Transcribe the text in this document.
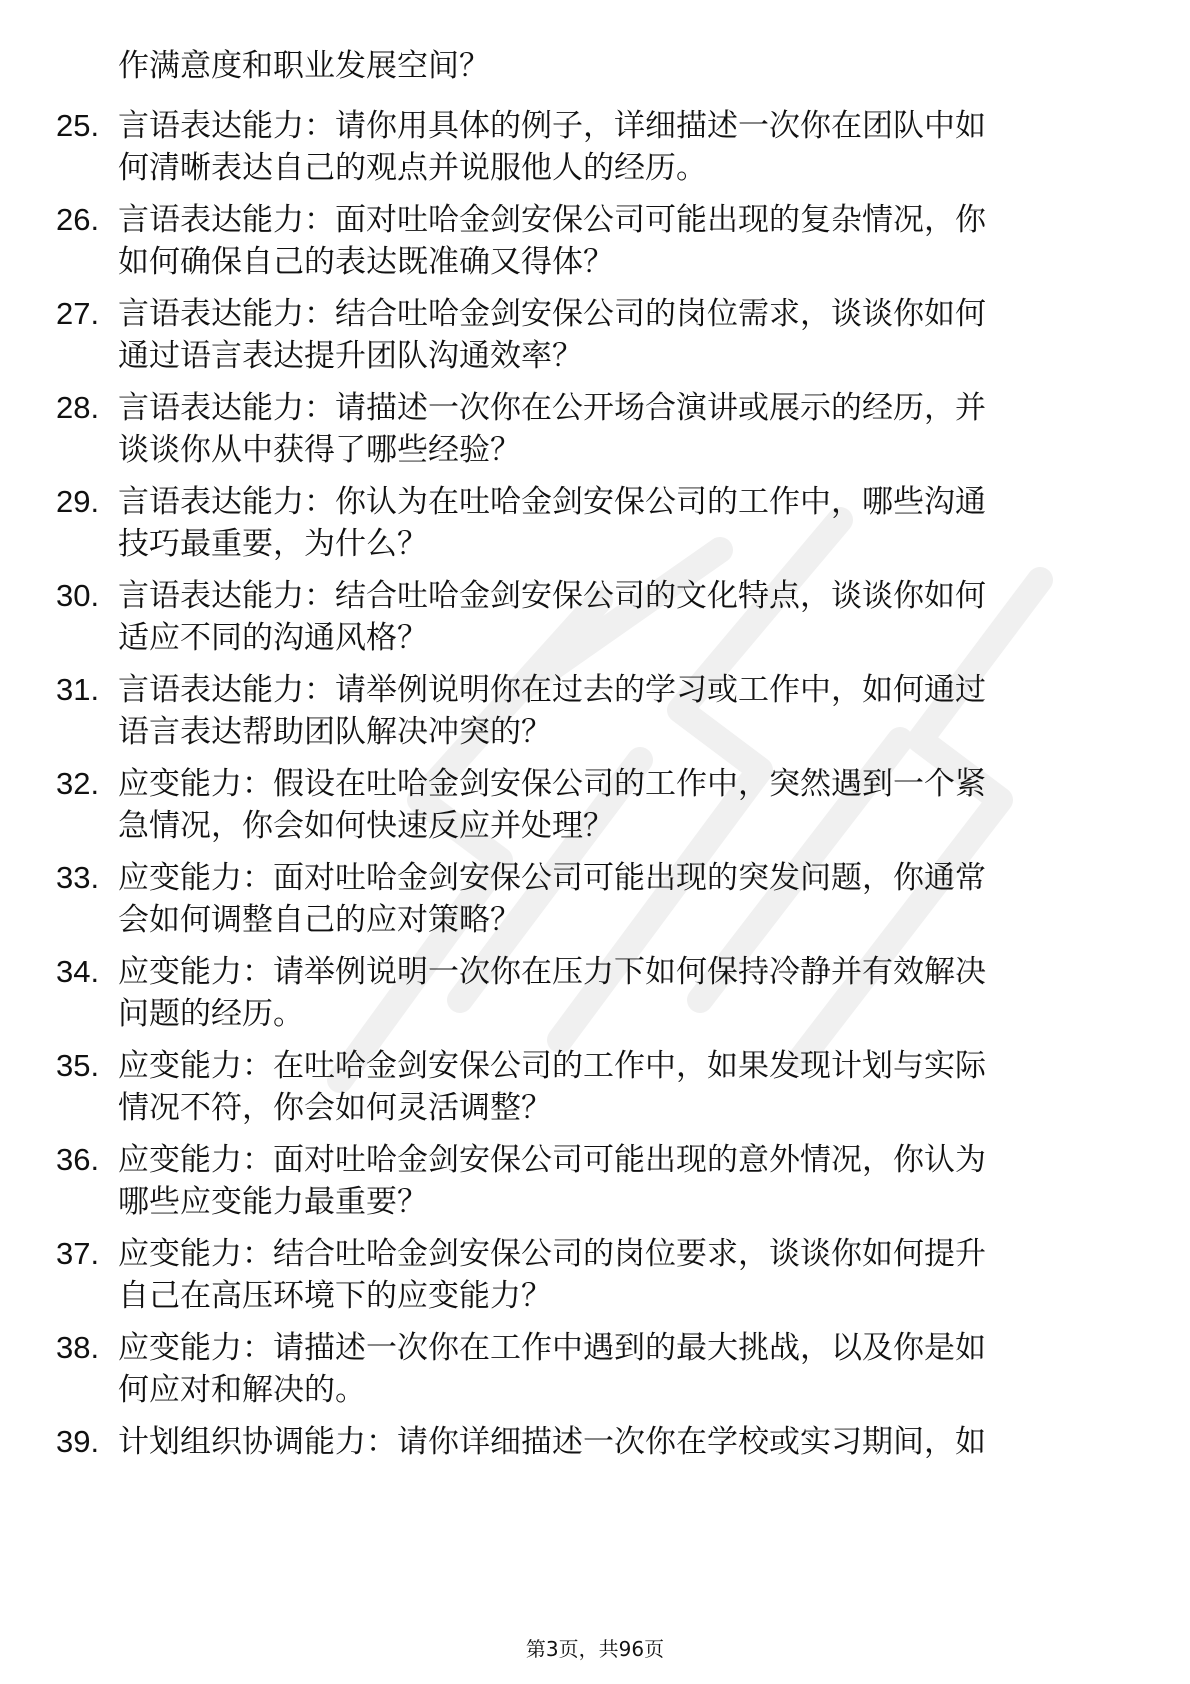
作满意度和职业发展空间？
25. 言语表达能力：请你用具体的例子，详细描述一次你在团队中如
何清晰表达自己的观点并说服他人的经历。
26. 言语表达能力：面对吐哈金剑安保公司可能出现的复杂情况，你
如何确保自己的表达既准确又得体？
27. 言语表达能力：结合吐哈金剑安保公司的岗位需求，谈谈你如何
通过语言表达提升团队沟通效率？
28. 言语表达能力：请描述一次你在公开场合演讲或展示的经历，并
谈谈你从中获得了哪些经验？
29. 言语表达能力：你认为在吐哈金剑安保公司的工作中，哪些沟通
技巧最重要，为什么？
30. 言语表达能力：结合吐哈金剑安保公司的文化特点，谈谈你如何
适应不同的沟通风格？
31. 言语表达能力：请举例说明你在过去的学习或工作中，如何通过
语言表达帮助团队解决冲突的？
32. 应变能力：假设在吐哈金剑安保公司的工作中，突然遇到一个紧
急情况，你会如何快速反应并处理？
33. 应变能力：面对吐哈金剑安保公司可能出现的突发问题，你通常
会如何调整自己的应对策略？
34. 应变能力：请举例说明一次你在压力下如何保持冷静并有效解决
问题的经历。
35. 应变能力：在吐哈金剑安保公司的工作中，如果发现计划与实际
情况不符，你会如何灵活调整？
36. 应变能力：面对吐哈金剑安保公司可能出现的意外情况，你认为
哪些应变能力最重要？
37. 应变能力：结合吐哈金剑安保公司的岗位要求，谈谈你如何提升
自己在高压环境下的应变能力？
38. 应变能力：请描述一次你在工作中遇到的最大挑战，以及你是如
何应对和解决的。
39. 计划组织协调能力：请你详细描述一次你在学校或实习期间，如
第3页，共96页
